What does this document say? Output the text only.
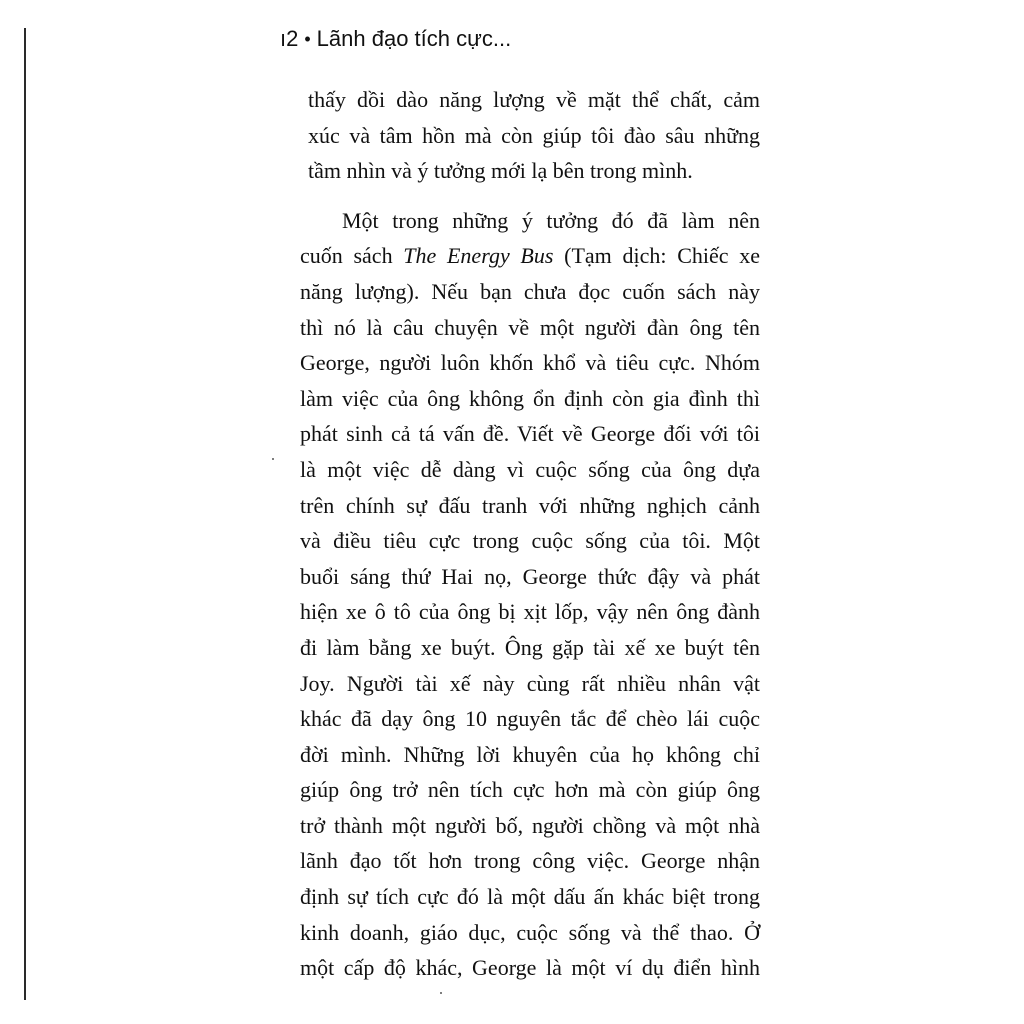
ı2 • Lãnh đạo tích cực...
thấy dồi dào năng lượng về mặt thể chất, cảm
xúc và tâm hồn mà còn giúp tôi đào sâu những
tầm nhìn và ý tưởng mới lạ bên trong mình.
Một trong những ý tưởng đó đã làm nên
cuốn sách The Energy Bus (Tạm dịch: Chiếc xe
năng lượng). Nếu bạn chưa đọc cuốn sách này
thì nó là câu chuyện về một người đàn ông tên
George, người luôn khốn khổ và tiêu cực. Nhóm
làm việc của ông không ổn định còn gia đình thì
phát sinh cả tá vấn đề. Viết về George đối với tôi
là một việc dễ dàng vì cuộc sống của ông dựa
trên chính sự đấu tranh với những nghịch cảnh
và điều tiêu cực trong cuộc sống của tôi. Một
buổi sáng thứ Hai nọ, George thức đậy và phát
hiện xe ô tô của ông bị xịt lốp, vậy nên ông đành
đi làm bằng xe buýt. Ông gặp tài xế xe buýt tên
Joy. Người tài xế này cùng rất nhiều nhân vật
khác đã dạy ông 10 nguyên tắc để chèo lái cuộc
đời mình. Những lời khuyên của họ không chỉ
giúp ông trở nên tích cực hơn mà còn giúp ông
trở thành một người bố, người chồng và một nhà
lãnh đạo tốt hơn trong công việc. George nhận
định sự tích cực đó là một dấu ấn khác biệt trong
kinh doanh, giáo dục, cuộc sống và thể thao. Ở
một cấp độ khác, George là một ví dụ điển hình
